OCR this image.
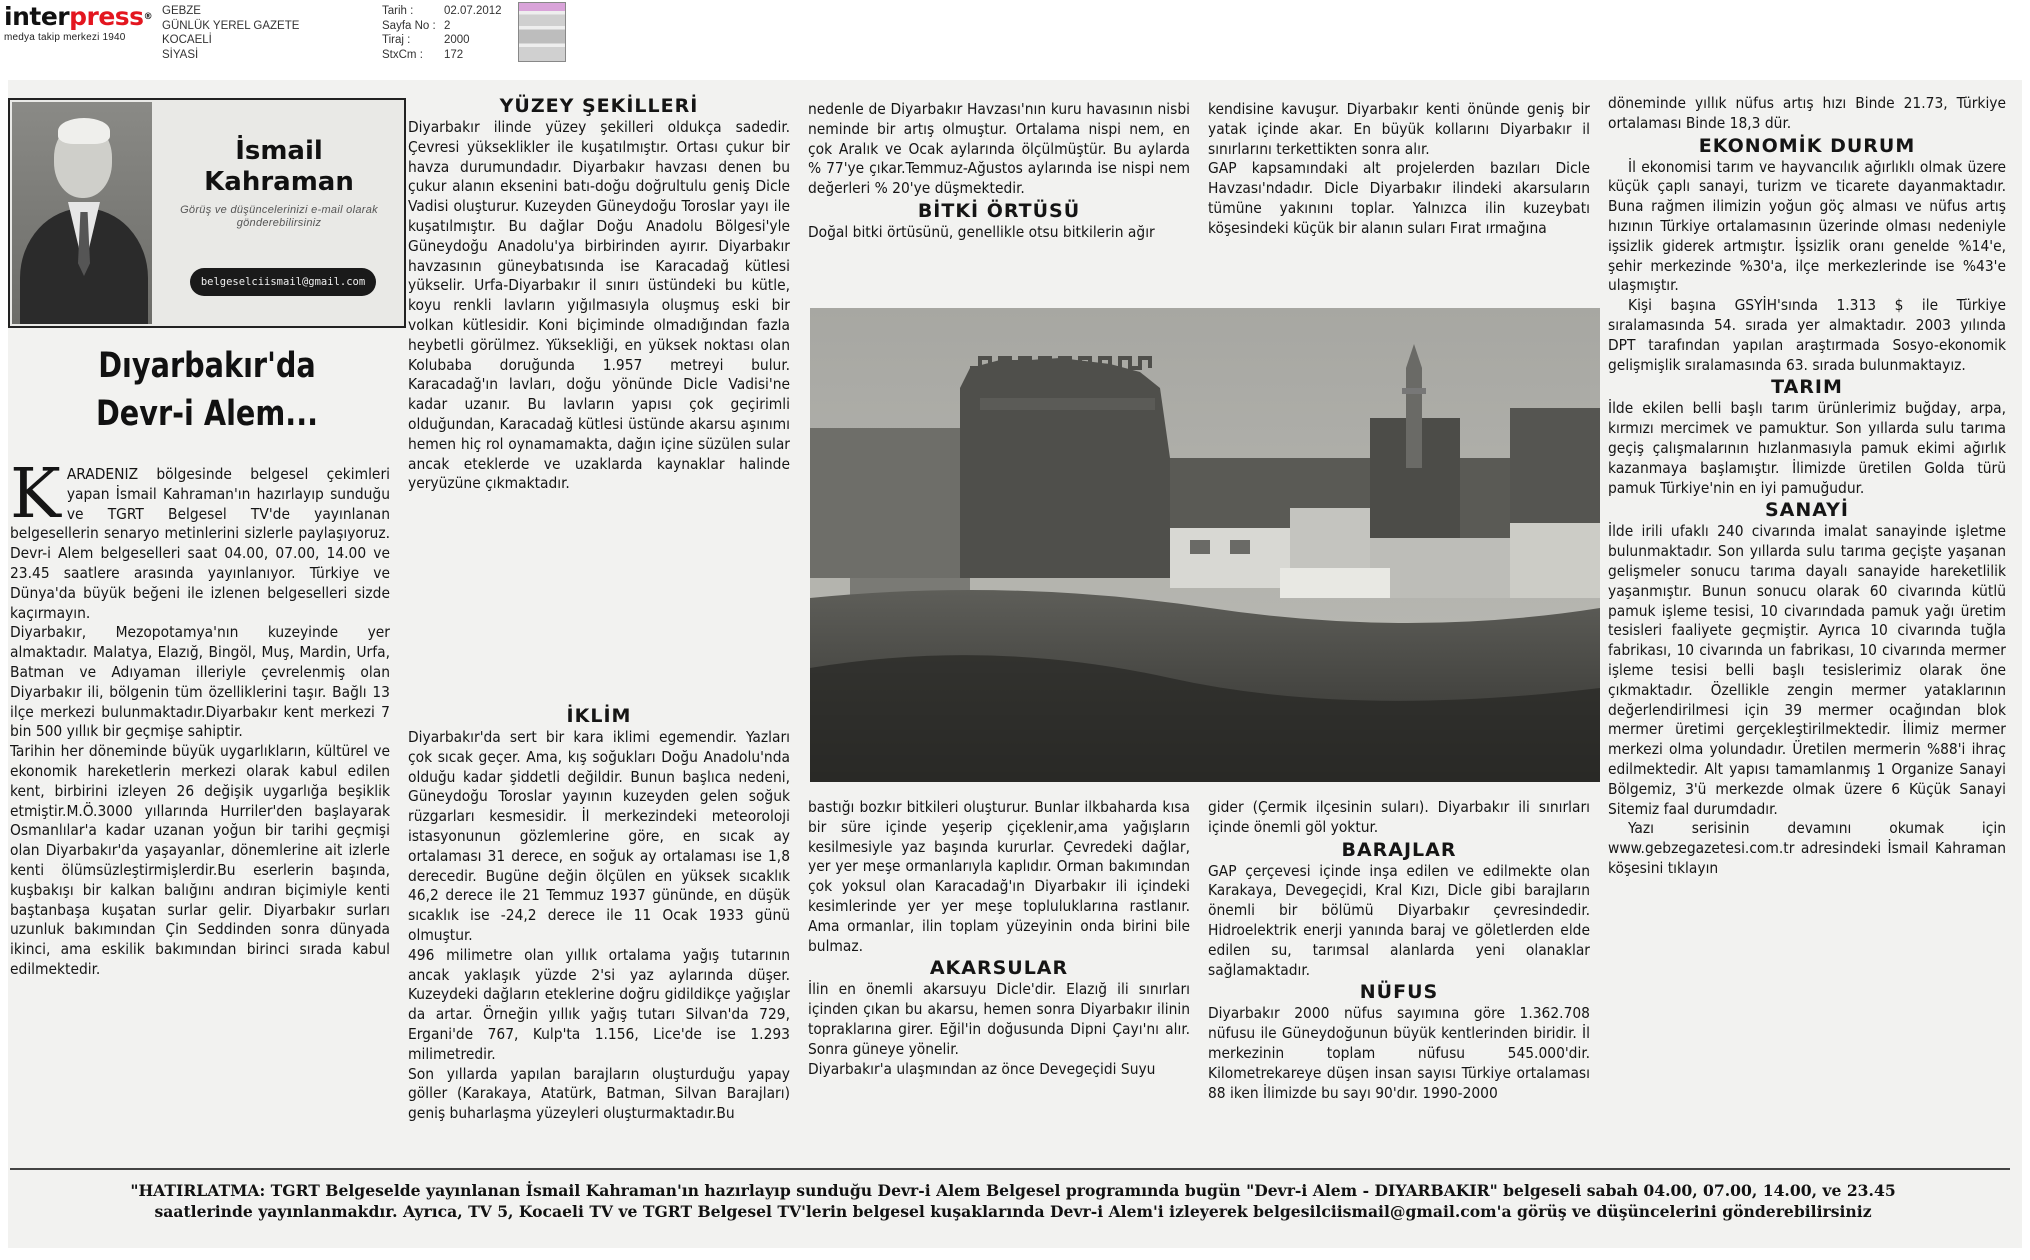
interpress®
medya takip merkezi 1940
GEBZE
GÜNLÜK YEREL GAZETE
KOCAELİ
SİYASİ
Tarih :	02.07.2012
Sayfa No : 2
Tiraj :	2000
StxCm :	172
İsmail
Kahraman
Görüş ve düşüncelerinizi e-mail olarak gönderebilirsiniz
belgeselciismail@gmail.com
Dıyarbakır'da
Devr-i Alem...

KARADENIZ bölgesinde belgesel çekimleri yapan İsmail Kahraman'ın hazırlayıp sunduğu ve TGRT Belgesel TV'de yayınlanan belgesellerin senaryo metinlerini sizlerle paylaşıyoruz. Devr-i Alem belgeselleri saat 04.00, 07.00, 14.00 ve 23.45 saatlere arasında yayınlanıyor. Türkiye ve Dünya'da büyük beğeni ile izlenen belgeselleri sizde kaçırmayın.

Diyarbakır, Mezopotamya'nın kuzeyinde yer almaktadır. Malatya, Elazığ, Bingöl, Muş, Mardin, Urfa, Batman ve Adıyaman illeriyle çevrelenmiş olan Diyarbakır ili, bölgenin tüm özelliklerini taşır. Bağlı 13 ilçe merkezi bulunmaktadır.Diyarbakır kent merkezi 7 bin 500 yıllık bir geçmişe sahiptir.

Tarihin her döneminde büyük uygarlıkların, kültürel ve ekonomik hareketlerin merkezi olarak kabul edilen kent, birbirini izleyen 26 değişik uygarlığa beşiklik etmiştir.M.Ö.3000 yıllarında Hurriler'den başlayarak Osmanlılar'a kadar uzanan yoğun bir tarihi geçmişi olan Diyarbakır'da yaşayanlar, dönemlerine ait izlerle kenti ölümsüzleştirmişlerdir.Bu eserlerin başında, kuşbakışı bir kalkan balığını andıran biçimiyle kenti baştanbaşa kuşatan surlar gelir. Diyarbakır surları uzunluk bakımından Çin Seddinden sonra dünyada ikinci, ama eskilik bakımından birinci sırada kabul edilmektedir.

YÜZEY ŞEKİLLERİ

Diyarbakır ilinde yüzey şekilleri oldukça sadedir. Çevresi yükseklikler ile kuşatılmıştır. Ortası çukur bir havza durumundadır. Diyarbakır havzası denen bu çukur alanın eksenini batı-doğu doğrultulu geniş Dicle Vadisi oluşturur. Kuzeyden Güneydoğu Toroslar yayı ile kuşatılmıştır. Bu dağlar Doğu Anadolu Bölgesi'yle Güneydoğu Anadolu'ya birbirinden ayırır. Diyarbakır havzasının güneybatısında ise Karacadağ kütlesi yükselir. Urfa-Diyarbakır il sınırı üstündeki bu kütle, koyu renkli lavların yığılmasıyla oluşmuş eski bir volkan kütlesidir. Koni biçiminde olmadığından fazla heybetli görülmez. Yüksekliği, en yüksek noktası olan Kolubaba doruğunda 1.957 metreyi bulur. Karacadağ'ın lavları, doğu yönünde Dicle Vadisi'ne kadar uzanır. Bu lavların yapısı çok geçirimli olduğundan, Karacadağ kütlesi üstünde akarsu aşınımı hemen hiç rol oynamamakta, dağın içine süzülen sular ancak eteklerde ve uzaklarda kaynaklar halinde yeryüzüne çıkmaktadır.

İKLİM

Diyarbakır'da sert bir kara iklimi egemendir. Yazları çok sıcak geçer. Ama, kış soğukları Doğu Anadolu'nda olduğu kadar şiddetli değildir. Bunun başlıca nedeni, Güneydoğu Toroslar yayının kuzeyden gelen soğuk rüzgarları kesmesidir. İl merkezindeki meteoroloji istasyonunun gözlemlerine göre, en sıcak ay ortalaması 31 derece, en soğuk ay ortalaması ise 1,8 derecedir. Bugüne değin ölçülen en yüksek sıcaklık 46,2 derece ile 21 Temmuz 1937 gününde, en düşük sıcaklık ise -24,2 derece ile 11 Ocak 1933 günü olmuştur.

496 milimetre olan yıllık ortalama yağış tutarının ancak yaklaşık yüzde 2'si yaz aylarında düşer. Kuzeydeki dağların eteklerine doğru gidildikçe yağışlar da artar. Örneğin yıllık yağış tutarı Silvan'da 729, Ergani'de 767, Kulp'ta 1.156, Lice'de ise 1.293 milimetredir.

Son yıllarda yapılan barajların oluşturduğu yapay göller (Karakaya, Atatürk, Batman, Silvan Barajları) geniş buharlaşma yüzeyleri oluşturmaktadır.Bu

nedenle de Diyarbakır Havzası'nın kuru havasının nisbi neminde bir artış olmuştur. Ortalama nispi nem, en çok Aralık ve Ocak aylarında ölçülmüştür. Bu aylarda % 77'ye çıkar.Temmuz-Ağustos aylarında ise nispi nem değerleri % 20'ye düşmektedir.

BİTKİ ÖRTÜSÜ

Doğal bitki örtüsünü, genellikle otsu bitkilerin ağır

kendisine kavuşur. Diyarbakır kenti önünde geniş bir yatak içinde akar. En büyük kollarını Diyarbakır il sınırlarını terkettikten sonra alır.

GAP kapsamındaki alt projelerden bazıları Dicle Havzası'ndadır. Dicle Diyarbakır ilindeki akarsuların tümüne yakınını toplar. Yalnızca ilin kuzeybatı köşesindeki küçük bir alanın suları Fırat ırmağına

bastığı bozkır bitkileri oluşturur. Bunlar ilkbaharda kısa bir süre içinde yeşerip çiçeklenir,ama yağışların kesilmesiyle yaz başında kururlar. Çevredeki dağlar, yer yer meşe ormanlarıyla kaplıdır. Orman bakımından çok yoksul olan Karacadağ'ın Diyarbakır ili içindeki kesimlerinde yer yer meşe topluluklarına rastlanır. Ama ormanlar, ilin toplam yüzeyinin onda birini bile bulmaz.

AKARSULAR

İlin en önemli akarsuyu Dicle'dir. Elazığ ili sınırları içinden çıkan bu akarsu, hemen sonra Diyarbakır ilinin topraklarına girer. Eğil'in doğusunda Dipni Çayı'nı alır. Sonra güneye yönelir.

Diyarbakır'a ulaşmından az önce Devegeçidi Suyu

gider (Çermik ilçesinin suları). Diyarbakır ili sınırları içinde önemli göl yoktur.

BARAJLAR

GAP çerçevesi içinde inşa edilen ve edilmekte olan Karakaya, Devegeçidi, Kral Kızı, Dicle gibi barajların önemli bir bölümü Diyarbakır çevresindedir. Hidroelektrik enerji yanında baraj ve göletlerden elde edilen su, tarımsal alanlarda yeni olanaklar sağlamaktadır.

NÜFUS

Diyarbakır 2000 nüfus sayımına göre 1.362.708 nüfusu ile Güneydoğunun büyük kentlerinden biridir. İl merkezinin toplam nüfusu 545.000'dir. Kilometrekareye düşen insan sayısı Türkiye ortalaması 88 iken İlimizde bu sayı 90'dır. 1990-2000

döneminde yıllık nüfus artış hızı Binde 21.73, Türkiye ortalaması Binde 18,3 dür.

EKONOMİK DURUM

İl ekonomisi tarım ve hayvancılık ağırlıklı olmak üzere küçük çaplı sanayi, turizm ve ticarete dayanmaktadır. Buna rağmen ilimizin yoğun göç alması ve nüfus artış hızının Türkiye ortalamasının üzerinde olması nedeniyle işsizlik giderek artmıştır. İşsizlik oranı genelde %14'e, şehir merkezinde %30'a, ilçe merkezlerinde ise %43'e ulaşmıştır.

Kişi başına GSYİH'sında 1.313 $ ile Türkiye sıralamasında 54. sırada yer almaktadır. 2003 yılında DPT tarafından yapılan araştırmada Sosyo-ekonomik gelişmişlik sıralamasında 63. sırada bulunmaktayız.

TARIM

İlde ekilen belli başlı tarım ürünlerimiz buğday, arpa, kırmızı mercimek ve pamuktur. Son yıllarda sulu tarıma geçiş çalışmalarının hızlanmasıyla pamuk ekimi ağırlık kazanmaya başlamıştır. İlimizde üretilen Golda türü pamuk Türkiye'nin en iyi pamuğudur.

SANAYİ

İlde irili ufaklı 240 civarında imalat sanayinde işletme bulunmaktadır. Son yıllarda sulu tarıma geçişte yaşanan gelişmeler sonucu tarıma dayalı sanayide hareketlilik yaşanmıştır. Bunun sonucu olarak 60 civarında kütlü pamuk işleme tesisi, 10 civarındada pamuk yağı üretim tesisleri faaliyete geçmiştir. Ayrıca 10 civarında tuğla fabrikası, 10 civarında un fabrikası, 10 civarında mermer işleme tesisi belli başlı tesislerimiz olarak öne çıkmaktadır. Özellikle zengin mermer yataklarının değerlendirilmesi için 39 mermer ocağından blok mermer üretimi gerçekleştirilmektedir. İlimiz mermer merkezi olma yolundadır. Üretilen mermerin %88'i ihraç edilmektedir. Alt yapısı tamamlanmış 1 Organize Sanayi Bölgemiz, 3'ü merkezde olmak üzere 6 Küçük Sanayi Sitemiz faal durumdadır.

Yazı serisinin devamını okumak için www.gebzegazetesi.com.tr adresindeki İsmail Kahraman köşesini tıklayın

"HATIRLATMA: TGRT Belgeselde yayınlanan İsmail Kahraman'ın hazırlayıp sunduğu Devr-i Alem Belgesel programında bugün "Devr-i Alem - DIYARBAKIR" belgeseli sabah 04.00, 07.00, 14.00, ve 23.45
saatlerinde yayınlanmakdır. Ayrıca, TV 5, Kocaeli TV ve TGRT Belgesel TV'lerin belgesel kuşaklarında Devr-i Alem'i izleyerek belgesilciismail@gmail.com'a görüş ve düşüncelerini gönderebilirsiniz
